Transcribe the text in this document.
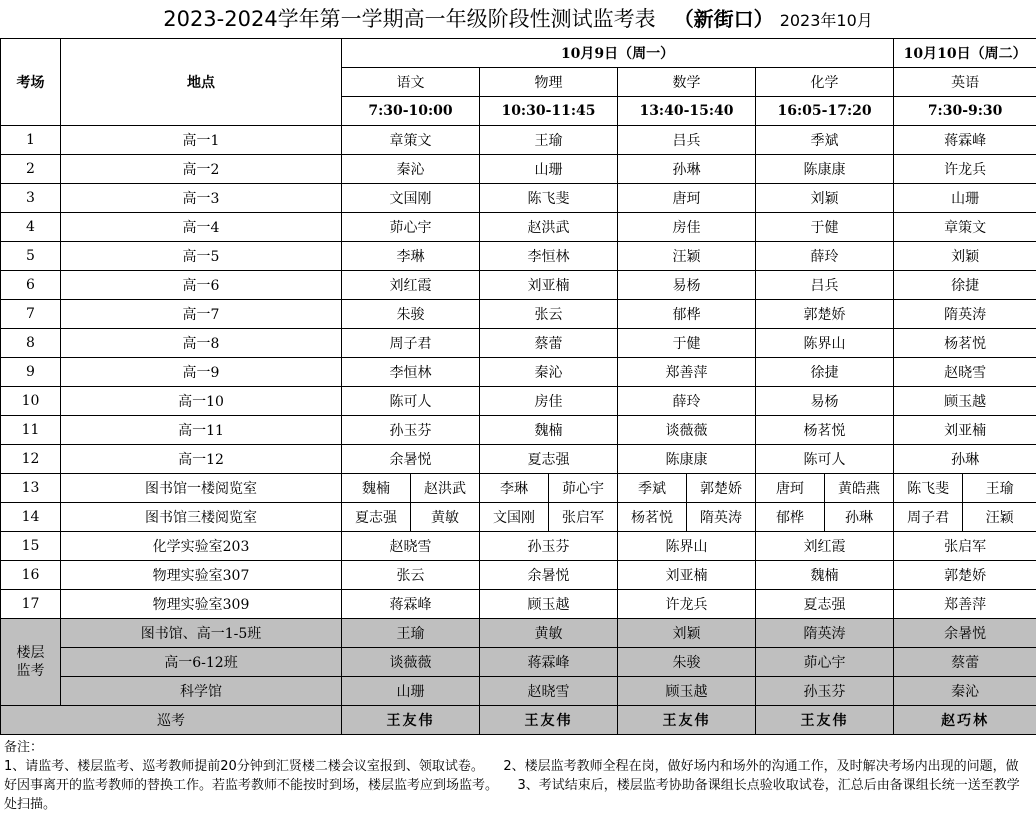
2023-2024学年第一学期高一年级阶段性测试监考表 （新街口） 2023年10月
考场	地点	10月9日（周一）								10月10日（周二）	
		语文		物理		数学		化学		英语	
		7:30-10:00		10:30-11:45		13:40-15:40		16:05-17:20		7:30-9:30	
1	高一1	章策文		王瑜		吕兵		季斌		蒋霖峰	
2	高一2	秦沁		山珊		孙琳		陈康康		许龙兵	
3	高一3	文国刚		陈飞斐		唐珂		刘颖		山珊	
4	高一4	茆心宇		赵洪武		房佳		于健		章策文	
5	高一5	李琳		李恒林		汪颖		薛玲		刘颖	
6	高一6	刘红霞		刘亚楠		易杨		吕兵		徐捷	
7	高一7	朱骏		张云		郁桦		郭楚娇		隋英涛	
8	高一8	周子君		蔡蕾		于健		陈界山		杨茗悦	
9	高一9	李恒林		秦沁		郑善萍		徐捷		赵晓雪	
10	高一10	陈可人		房佳		薛玲		易杨		顾玉越	
11	高一11	孙玉芬		魏楠		谈薇薇		杨茗悦		刘亚楠	
12	高一12	余暑悦		夏志强		陈康康		陈可人		孙琳	
13	图书馆一楼阅览室	魏楠	赵洪武	李琳	茆心宇	季斌	郭楚娇	唐珂	黄皓燕	陈飞斐	王瑜
14	图书馆三楼阅览室	夏志强	黄敏	文国刚	张启军	杨茗悦	隋英涛	郁桦	孙琳	周子君	汪颖
15	化学实验室203	赵晓雪		孙玉芬		陈界山		刘红霞		张启军	
16	物理实验室307	张云		余暑悦		刘亚楠		魏楠		郭楚娇	
17	物理实验室309	蒋霖峰		顾玉越		许龙兵		夏志强		郑善萍	
楼层监考	图书馆、高一1-5班	王瑜		黄敏		刘颖		隋英涛		余暑悦	
	高一6-12班	谈薇薇		蒋霖峰		朱骏		茆心宇		蔡蕾	
	科学馆	山珊		赵晓雪		顾玉越		孙玉芬		秦沁	
巡考		王友伟		王友伟		王友伟		王友伟		赵巧林	
备注：
1、请监考、楼层监考、巡考教师提前20分钟到汇贤楼二楼会议室报到、领取试卷。　　2、楼层监考教师全程在岗，做好场内和场外的沟通工作，及时解决考场内出现的问题，做好因事离开的监考教师的替换工作。若监考教师不能按时到场，楼层监考应到场监考。　　3、考试结束后，楼层监考协助备课组长点验收取试卷，汇总后由备课组长统一送至教学处扫描。
